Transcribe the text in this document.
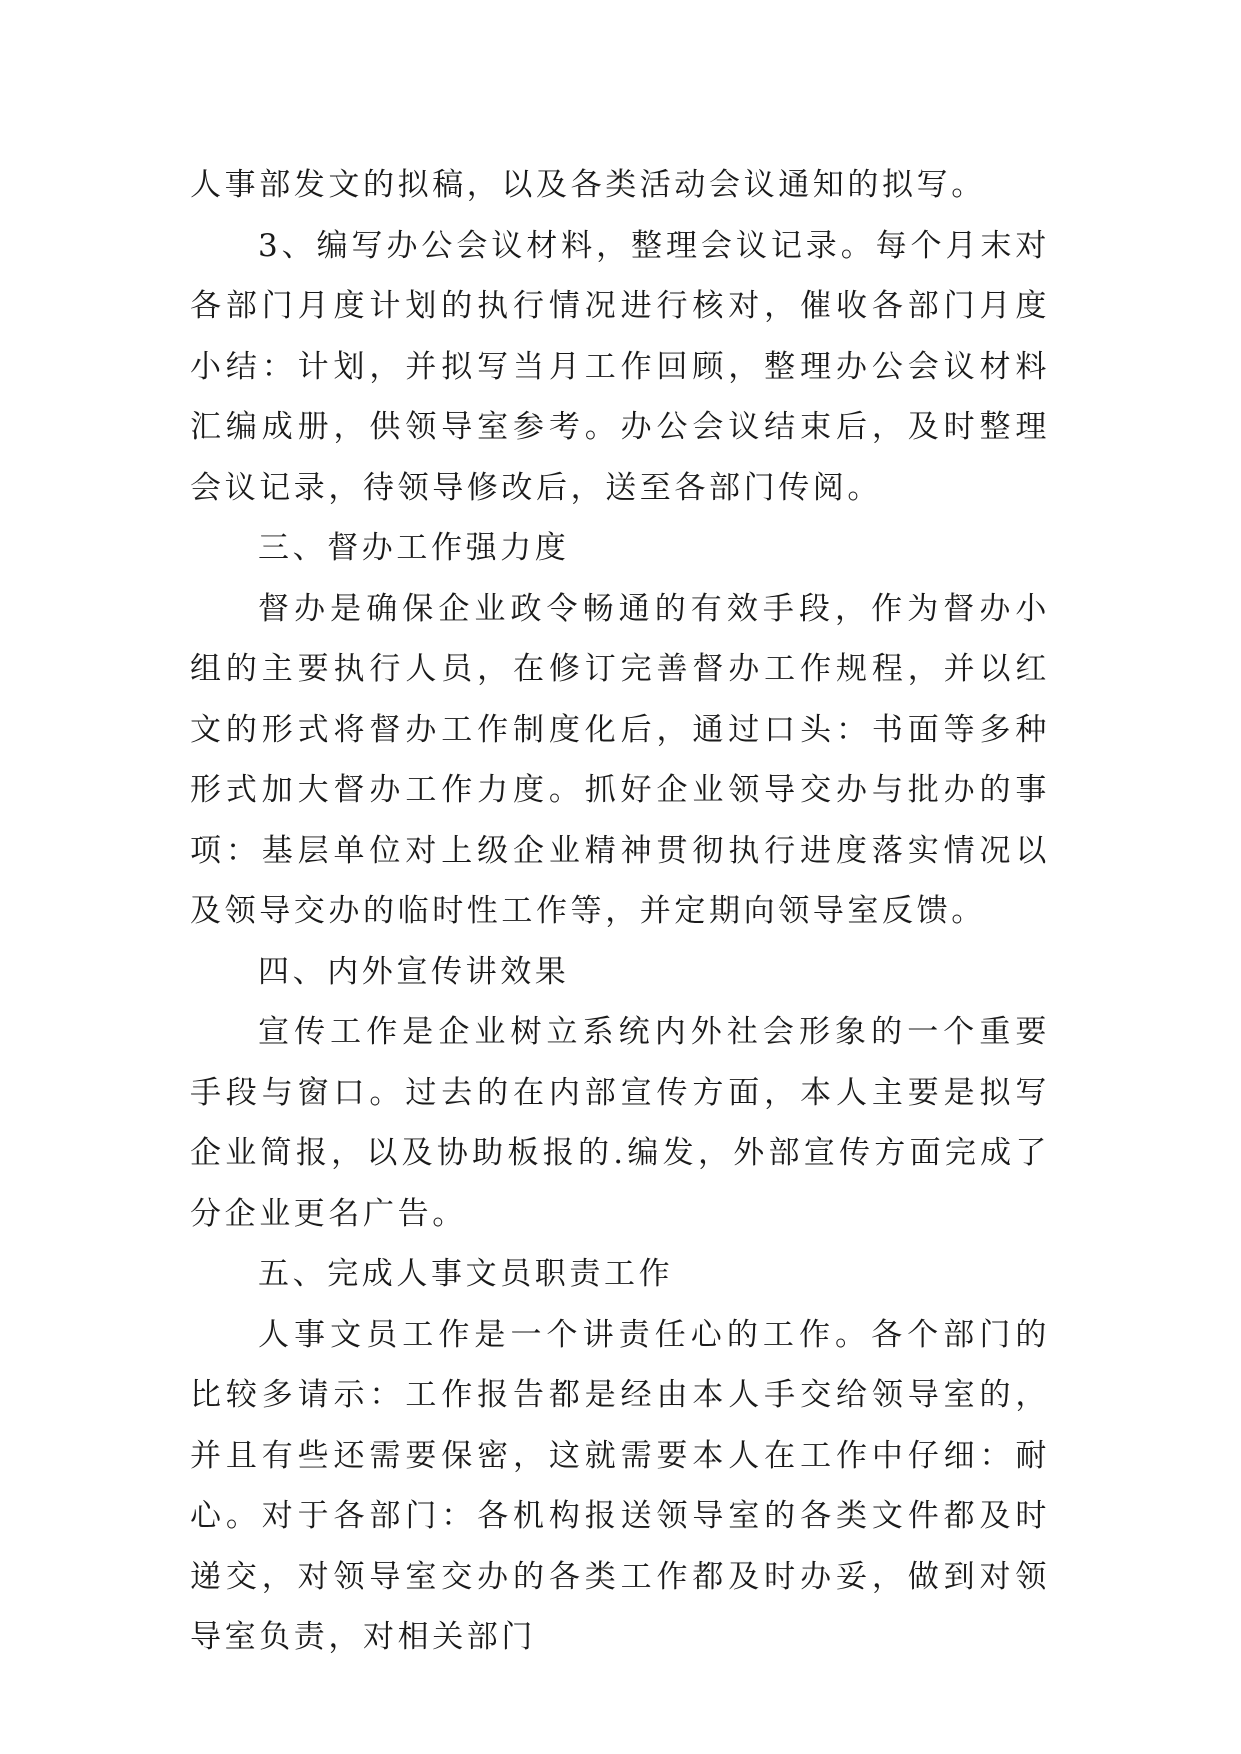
人事部发文的拟稿，以及各类活动会议通知的拟写。

3、编写办公会议材料，整理会议记录。每个月末对各部门月度计划的执行情况进行核对，催收各部门月度小结：计划，并拟写当月工作回顾，整理办公会议材料汇编成册，供领导室参考。办公会议结束后，及时整理会议记录，待领导修改后，送至各部门传阅。

三、督办工作强力度

督办是确保企业政令畅通的有效手段，作为督办小组的主要执行人员，在修订完善督办工作规程，并以红文的形式将督办工作制度化后，通过口头：书面等多种形式加大督办工作力度。抓好企业领导交办与批办的事项：基层单位对上级企业精神贯彻执行进度落实情况以及领导交办的临时性工作等，并定期向领导室反馈。

四、内外宣传讲效果

宣传工作是企业树立系统内外社会形象的一个重要手段与窗口。过去的在内部宣传方面，本人主要是拟写企业简报，以及协助板报的.编发，外部宣传方面完成了分企业更名广告。

五、完成人事文员职责工作

人事文员工作是一个讲责任心的工作。各个部门的比较多请示：工作报告都是经由本人手交给领导室的，并且有些还需要保密，这就需要本人在工作中仔细：耐心。对于各部门：各机构报送领导室的各类文件都及时递交，对领导室交办的各类工作都及时办妥，做到对领导室负责，对相关部门
